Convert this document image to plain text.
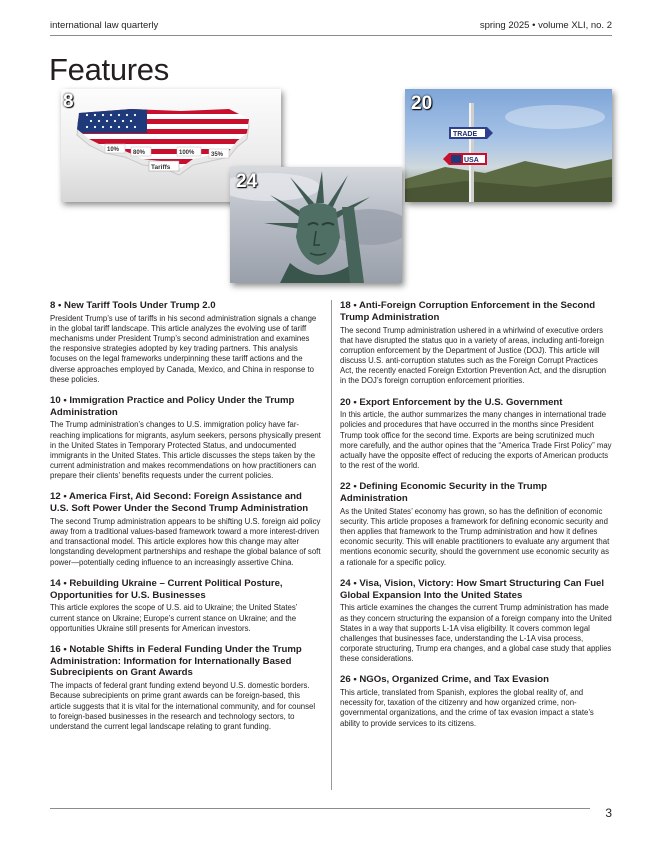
international law quarterly	spring 2025 • volume XLI, no. 2
Features
10% 80%	100%	35%
Tariffs
8
TRADE
USA
20
24
8 • New Tariff Tools Under Trump 2.0

President Trump’s use of tariffs in his second administration signals a change in the global tariff landscape. This article analyzes the evolving use of tariff mechanisms under President Trump’s second administration and examines the responsive strategies adopted by key trading partners. This analysis focuses on the legal frameworks underpinning these tariff actions and the diverse approaches employed by Canada, Mexico, and China in response to these policies.

10 • Immigration Practice and Policy Under the Trump Administration

The Trump administration’s changes to U.S. immigration policy have far-reaching implications for migrants, asylum seekers, persons physically present in the United States in Temporary Protected Status, and undocumented immigrants in the United States. This article discusses the steps taken by the current administration and makes recommendations on how practitioners can prepare their clients’ benefits requests under the current policies.

12 • America First, Aid Second: Foreign Assistance and U.S. Soft Power Under the Second Trump Administration

The second Trump administration appears to be shifting U.S. foreign aid policy away from a traditional values-based framework toward a more interest-driven and transactional model. This article explores how this change may alter longstanding development partnerships and reshape the global balance of soft power—potentially ceding influence to an increasingly assertive China.

14 • Rebuilding Ukraine – Current Political Posture, Opportunities for U.S. Businesses

This article explores the scope of U.S. aid to Ukraine; the United States’ current stance on Ukraine; Europe’s current stance on Ukraine; and the opportunities Ukraine still presents for American investors.

16 • Notable Shifts in Federal Funding Under the Trump Administration: Information for Internationally Based Subrecipients on Grant Awards

The impacts of federal grant funding extend beyond U.S. domestic borders. Because subrecipients on prime grant awards can be foreign-based, this article suggests that it is vital for the international community, and for counsel to foreign-based businesses in the research and technology sectors, to understand the current legal landscape relating to grant funding.

18 • Anti-Foreign Corruption Enforcement in the Second Trump Administration

The second Trump administration ushered in a whirlwind of executive orders that have disrupted the status quo in a variety of areas, including anti-foreign corruption enforcement by the Department of Justice (DOJ). This article will discuss U.S. anti-corruption statutes such as the Foreign Corrupt Practices Act, the recently enacted Foreign Extortion Prevention Act, and the disruption in the DOJ’s foreign corruption enforcement priorities.

20 • Export Enforcement by the U.S. Government

In this article, the author summarizes the many changes in international trade policies and procedures that have occurred in the months since President Trump took office for the second time. Exports are being scrutinized much more carefully, and the author opines that the “America Trade First Policy” may actually have the opposite effect of reducing the exports of American products to the rest of the world.

22 • Defining Economic Security in the Trump Administration

As the United States’ economy has grown, so has the definition of economic security. This article proposes a framework for defining economic security and then applies that framework to the Trump administration and how it defines economic security. This will enable practitioners to evaluate any argument that mentions economic security, should the government use economic security as a rationale for a specific policy.

24 • Visa, Vision, Victory: How Smart Structuring Can Fuel Global Expansion Into the United States

This article examines the changes the current Trump administration has made as they concern structuring the expansion of a foreign company into the United States in a way that supports L-1A visa eligibility. It covers common legal challenges that businesses face, understanding the L-1A visa process, corporate structuring, Trump era changes, and a global case study that applies these considerations.

26 • NGOs, Organized Crime, and Tax Evasion

This article, translated from Spanish, explores the global reality of, and necessity for, taxation of the citizenry and how organized crime, non-governmental organizations, and the crime of tax evasion impact a state’s ability to provide services to its citizens.

3
